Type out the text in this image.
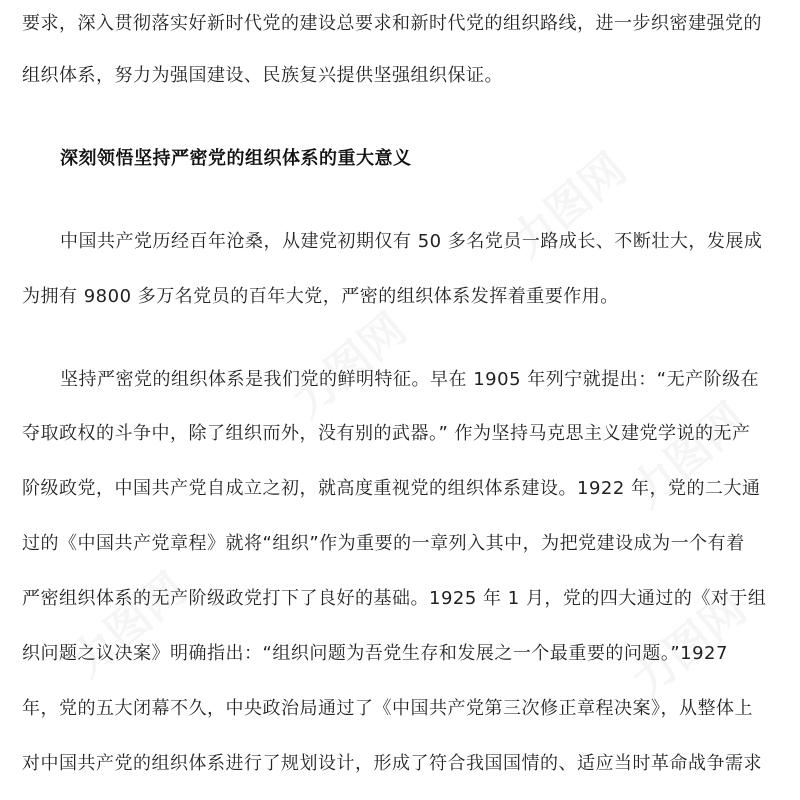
力图网
力图网
力图网
力图网	力图网
要求，深入贯彻落实好新时代党的建设总要求和新时代党的组织路线，进一步织密建强党的
组织体系，努力为强国建设、民族复兴提供坚强组织保证。
深刻领悟坚持严密党的组织体系的重大意义
中国共产党历经百年沧桑，从建党初期仅有 50 多名党员一路成长、不断壮大，发展成
为拥有 9800 多万名党员的百年大党，严密的组织体系发挥着重要作用。
坚持严密党的组织体系是我们党的鲜明特征。早在 1905 年列宁就提出：“无产阶级在
夺取政权的斗争中，除了组织而外，没有别的武器。” 作为坚持马克思主义建党学说的无产
阶级政党，中国共产党自成立之初，就高度重视党的组织体系建设。1922 年，党的二大通
过的《中国共产党章程》就将“组织”作为重要的一章列入其中，为把党建设成为一个有着
严密组织体系的无产阶级政党打下了良好的基础。1925 年 1 月，党的四大通过的《对于组
织问题之议决案》明确指出：“组织问题为吾党生存和发展之一个最重要的问题。”1927
年，党的五大闭幕不久，中央政治局通过了《中国共产党第三次修正章程决案》，从整体上
对中国共产党的组织体系进行了规划设计，形成了符合我国国情的、适应当时革命战争需求
